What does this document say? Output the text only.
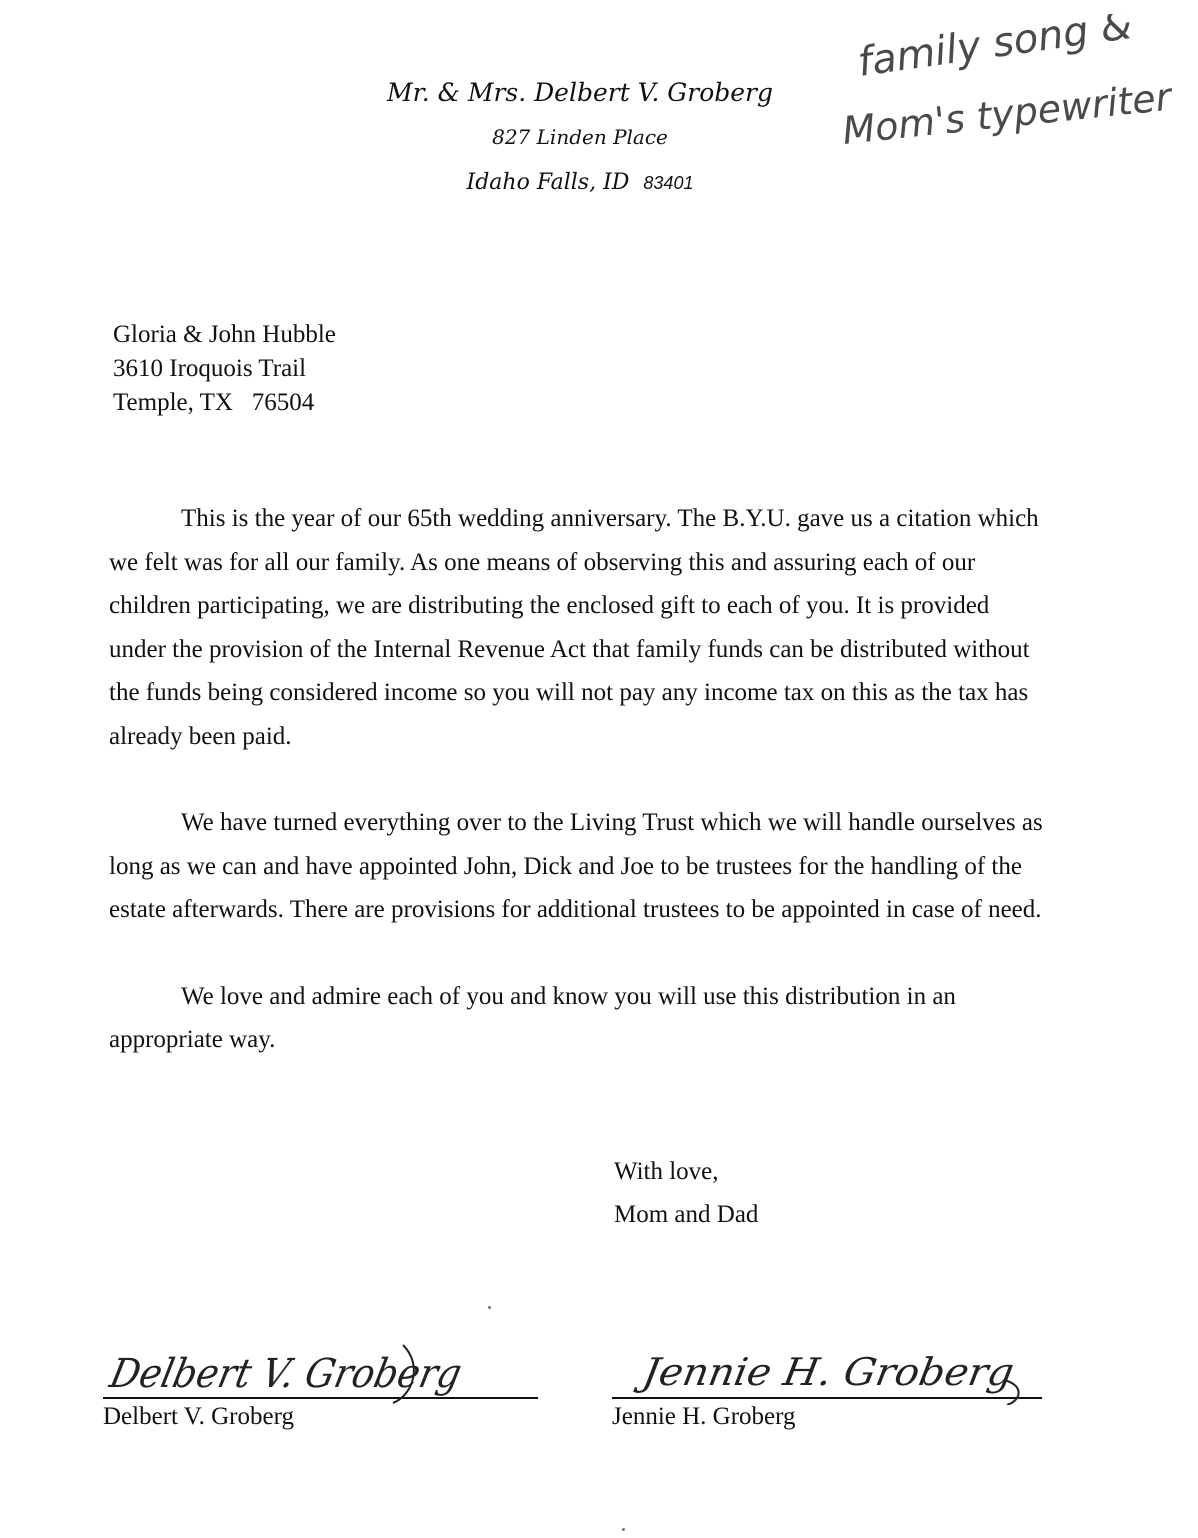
Mr. & Mrs. Delbert V. Groberg
827 Linden Place
Idaho Falls, ID 83401
family song &
Mom's typewriter
Gloria & John Hubble
3610 Iroquois Trail
Temple, TX   76504

This is the year of our 65th wedding anniversary. The B.Y.U. gave us a citation which we felt was for all our family. As one means of observing this and assuring each of our children participating, we are distributing the enclosed gift to each of you. It is provided under the provision of the Internal Revenue Act that family funds can be distributed without the funds being considered income so you will not pay any income tax on this as the tax has already been paid.

We have turned everything over to the Living Trust which we will handle ourselves as long as we can and have appointed John, Dick and Joe to be trustees for the handling of the estate afterwards. There are provisions for additional trustees to be appointed in case of need.

We love and admire each of you and know you will use this distribution in an appropriate way.

With love,
Mom and Dad
Delbert V. Groberg
Delbert V. Groberg
Jennie H. Groberg
Jennie H. Groberg
